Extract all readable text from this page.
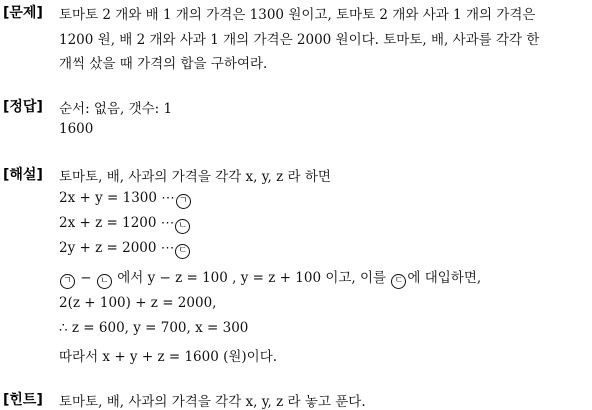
[문제] 토마토 2 개와 배 1 개의 가격은 1300 원이고, 토마토 2 개와 사과 1 개의 가격은
1200 원, 배 2 개와 사과 1 개의 가격은 2000 원이다. 토마토, 배, 사과를 각각 한
개씩 샀을 때 가격의 합을 구하여라.
[정답] 순서: 없음, 갯수: 1
1600
[해설] 토마토, 배, 사과의 가격을 각각 x, y, z 라 하면
2x + y = 1300 ⋯ ㄱ
2x + z = 1200 ⋯ ㄴ
2y + z = 2000 ⋯ ㄷ
ㄱ − ㄴ 에서 y − z = 100 , y = z + 100 이고, 이를 ㄷ 에 대입하면,
2(z + 100) + z = 2000,
∴ z = 600, y = 700, x = 300
따라서 x + y + z = 1600 (원)이다.
[힌트] 토마토, 배, 사과의 가격을 각각 x, y, z 라 놓고 푼다.
